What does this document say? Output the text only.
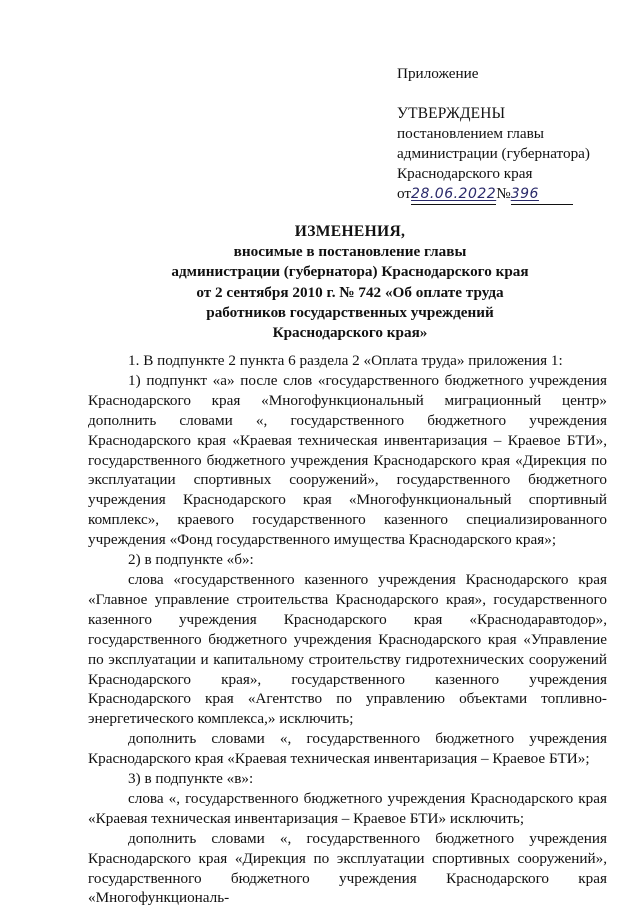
Приложение

УТВЕРЖДЕНЫ

постановлением главы

администрации (губернатора)

Краснодарского края

от28.06.2022№396

ИЗМЕНЕНИЯ,
вносимые в постановление главы
администрации (губернатора) Краснодарского края
от 2 сентября 2010 г. № 742 «Об оплате труда
работников государственных учреждений
Краснодарского края»

1. В подпункте 2 пункта 6 раздела 2 «Оплата труда» приложения 1:

1) подпункт «а» после слов «государственного бюджетного учреждения Краснодарского края «Многофункциональный миграционный центр» дополнить словами «, государственного бюджетного учреждения Краснодарского края «Краевая техническая инвентаризация – Краевое БТИ», государственного бюджетного учреждения Краснодарского края «Дирекция по эксплуатации спортивных сооружений», государственного бюджетного учреждения Краснодарского края «Многофункциональный спортивный комплекс», краевого государственного казенного специализированного учреждения «Фонд государственного имущества Краснодарского края»;

2) в подпункте «б»:

слова «государственного казенного учреждения Краснодарского края «Главное управление строительства Краснодарского края», государственного казенного учреждения Краснодарского края «Краснодаравтодор», государственного бюджетного учреждения Краснодарского края «Управление по эксплуатации и капитальному строительству гидротехнических сооружений Краснодарского края», государственного казенного учреждения Краснодарского края «Агентство по управлению объектами топливно-энергетического комплекса,» исключить;

дополнить словами «, государственного бюджетного учреждения Краснодарского края «Краевая техническая инвентаризация – Краевое БТИ»;

3) в подпункте «в»:

слова «, государственного бюджетного учреждения Краснодарского края «Краевая техническая инвентаризация – Краевое БТИ» исключить;

дополнить словами «, государственного бюджетного учреждения Краснодарского края «Дирекция по эксплуатации спортивных сооружений», государственного бюджетного учреждения Краснодарского края «Многофункциональ-
